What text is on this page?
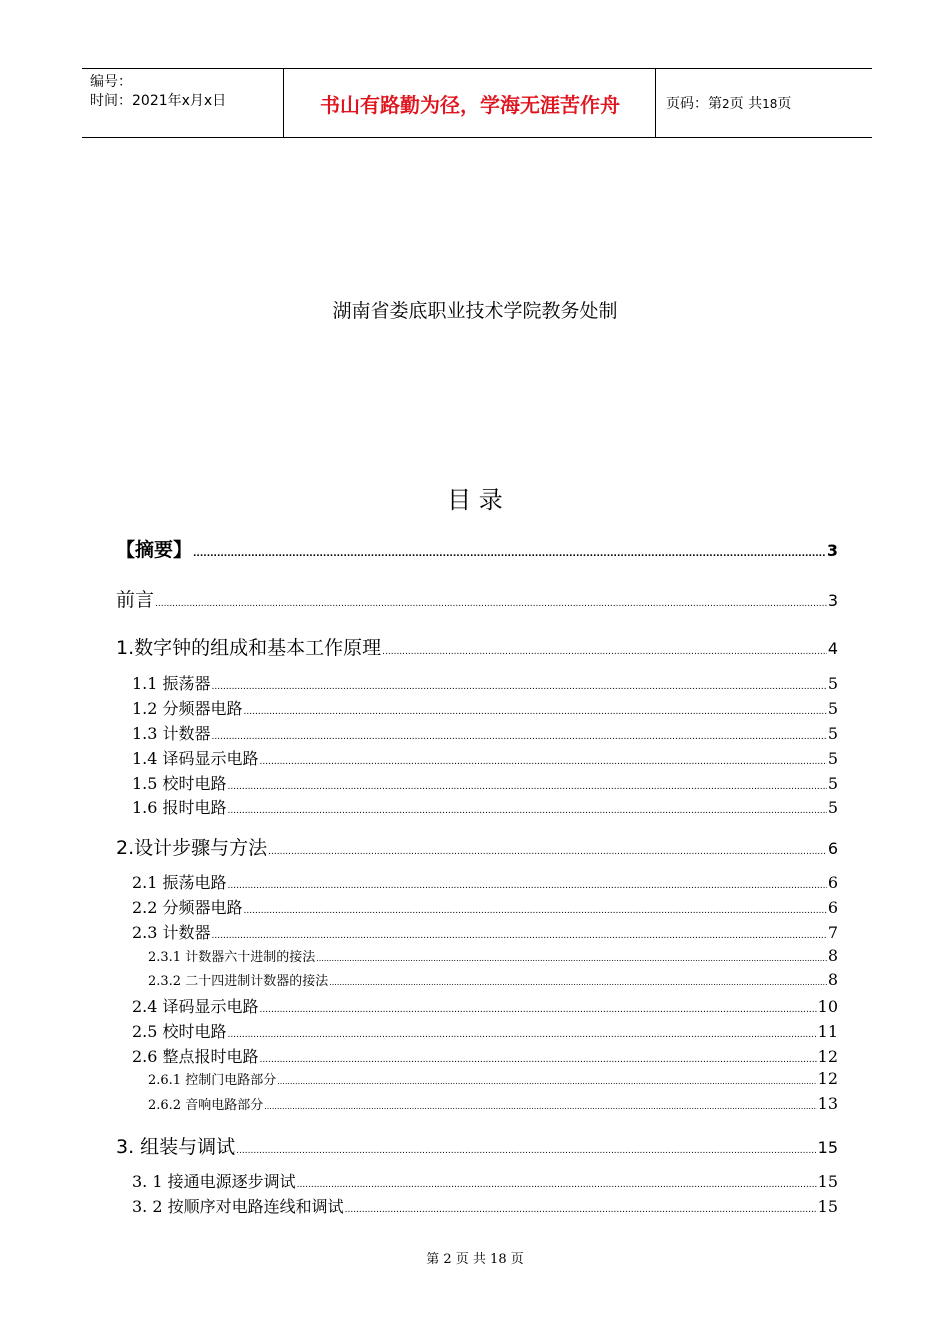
编号：
时间：2021年x月x日	书山有路勤为径，学海无涯苦作舟	页码：第2页 共18页
湖南省娄底职业技术学院教务处制
目 录
【摘要】 .....	3
前言 .....	3
1.数字钟的组成和基本工作原理 .....	4
1.1 振荡器 .....	5
1.2 分频器电路 .....	5
1.3 计数器 .....	5
1.4 译码显示电路 .....	5
1.5 校时电路 .....	5
1.6 报时电路 .....	5
2.设计步骤与方法 .....	6
2.1 振荡电路 .....	6
2.2 分频器电路 .....	6
2.3 计数器 .....	7
2.3.1 计数器六十进制的接法 .....	8
2.3.2 二十四进制计数器的接法 .....	8
2.4 译码显示电路 .....	10
2.5 校时电路 .....	11
2.6 整点报时电路 .....	12
2.6.1 控制门电路部分 .....	12
2.6.2 音响电路部分 .....	13
3. 组装与调试 .....	15
3. 1 接通电源逐步调试 .....	15
3. 2 按顺序对电路连线和调试 .....	15
第 2 页 共 18 页
